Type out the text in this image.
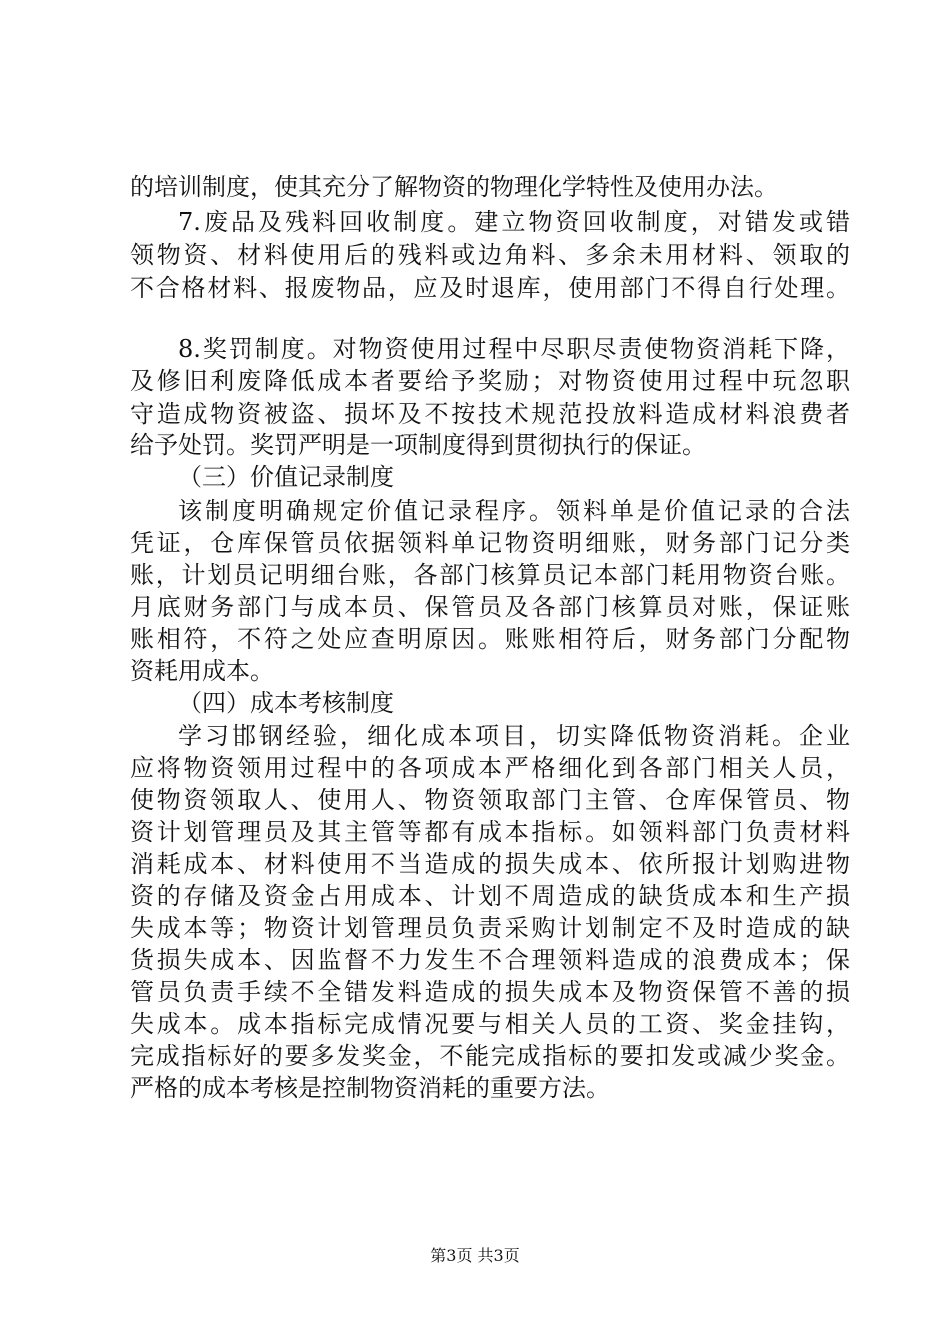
的培训制度，使其充分了解物资的物理化学特性及使用办法。
7.废品及残料回收制度。建立物资回收制度，对错发或错
领物资、材料使用后的残料或边角料、多余未用材料、领取的
不合格材料、报废物品，应及时退库，使用部门不得自行处理。
8.奖罚制度。对物资使用过程中尽职尽责使物资消耗下降，
及修旧利废降低成本者要给予奖励；对物资使用过程中玩忽职
守造成物资被盗、损坏及不按技术规范投放料造成材料浪费者
给予处罚。奖罚严明是一项制度得到贯彻执行的保证。
（三）价值记录制度
该制度明确规定价值记录程序。领料单是价值记录的合法
凭证，仓库保管员依据领料单记物资明细账，财务部门记分类
账，计划员记明细台账，各部门核算员记本部门耗用物资台账。
月底财务部门与成本员、保管员及各部门核算员对账，保证账
账相符，不符之处应查明原因。账账相符后，财务部门分配物
资耗用成本。
（四）成本考核制度
学习邯钢经验，细化成本项目，切实降低物资消耗。企业
应将物资领用过程中的各项成本严格细化到各部门相关人员，
使物资领取人、使用人、物资领取部门主管、仓库保管员、物
资计划管理员及其主管等都有成本指标。如领料部门负责材料
消耗成本、材料使用不当造成的损失成本、依所报计划购进物
资的存储及资金占用成本、计划不周造成的缺货成本和生产损
失成本等；物资计划管理员负责采购计划制定不及时造成的缺
货损失成本、因监督不力发生不合理领料造成的浪费成本；保
管员负责手续不全错发料造成的损失成本及物资保管不善的损
失成本。成本指标完成情况要与相关人员的工资、奖金挂钩，
完成指标好的要多发奖金，不能完成指标的要扣发或减少奖金。
严格的成本考核是控制物资消耗的重要方法。
第3页 共3页
